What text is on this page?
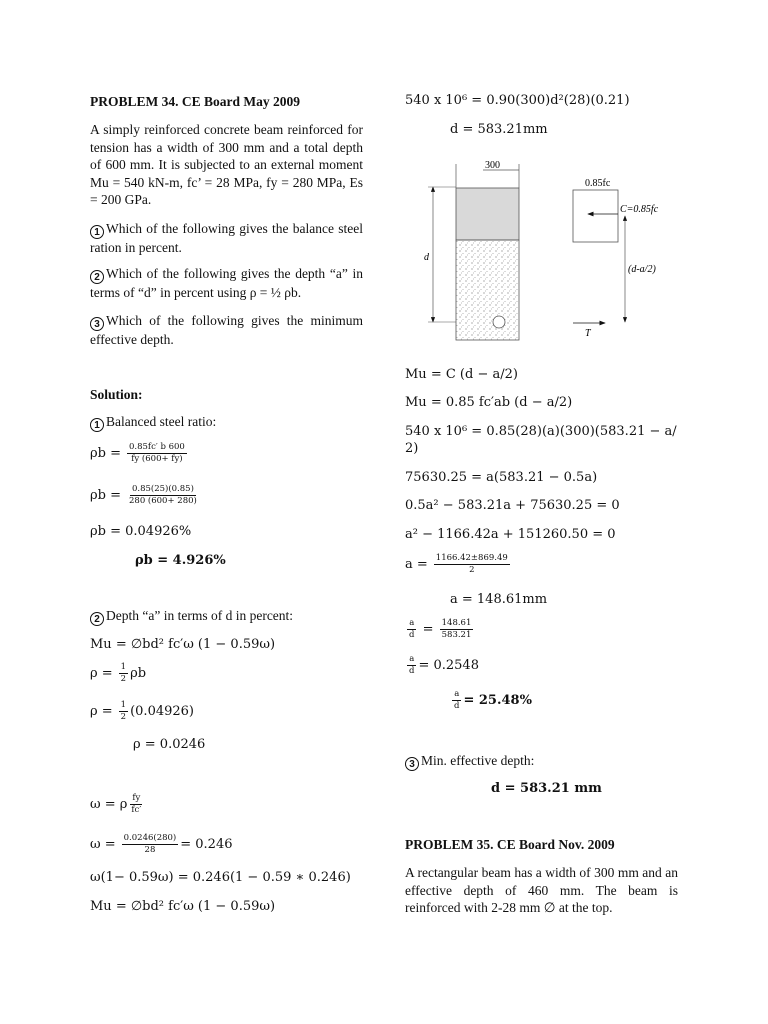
PROBLEM 34. CE Board May 2009
A simply reinforced concrete beam reinforced for tension has a width of 300 mm and a total depth of 600 mm. It is subjected to an external moment Mu = 540 kN-m, fc’ = 28 MPa, fy = 280 MPa, Es = 200 GPa.
1 Which of the following gives the balance steel ration in percent.
2 Which of the following gives the depth “a” in terms of “d” in percent using ρ = ½ ρb.
3 Which of the following gives the minimum effective depth.
Solution:
1 Balanced steel ratio:
$\rho b = \frac{0.85fc' b 600}{fy (600+ fy)}$
$\rho b = \frac{0.85(25)(0.85)}{280 (600+ 280)}$
ρb = 0.04926%
ρb = 4.926%
2 Depth “a” in terms of d in percent:
Mu = ∅bd² fc′ω (1 − 0.59ω)
$\rho = \frac{1}{2}$ ρb
$\rho = \frac{1}{2} (0.04926)$
ρ = 0.0246
ω = ρ $\frac{fy}{fc'}$
$\omega = \frac{0.0246(280)}{28} = 0.246$
ω(1− 0.59ω) = 0.246(1 − 0.59 ∗ 0.246)
Mu = ∅bd² fc′ω (1 − 0.59ω)
540 x 10⁶ = 0.90(300)d²(28)(0.21)
d = 583.21mm
300
d
0.85fc
C=0.85fc
(d-a/2)
T
Mu = C (d − a/2)
Mu = 0.85 fc′ab (d − a/2)
540 x 10⁶ = 0.85(28)(a)(300)(583.21 − a/
2)
75630.25 = a(583.21 − 0.5a)
0.5a² − 583.21a + 75630.25 = 0
a² − 1166.42a + 151260.50 = 0
$a = \frac{1166.42\pm 869.49}{2}$
a = 148.61mm
$\frac{a}{d} = \frac{148.61}{583.21}$
$\frac{a}{d} = 0.2548$
$\frac{a}{d} = 25.48\%$
3 Min. effective depth:
d = 583.21 mm
PROBLEM 35. CE Board Nov. 2009
A rectangular beam has a width of 300 mm and an effective depth of 460 mm. The beam is reinforced with 2-28 mm ∅ at the top.
